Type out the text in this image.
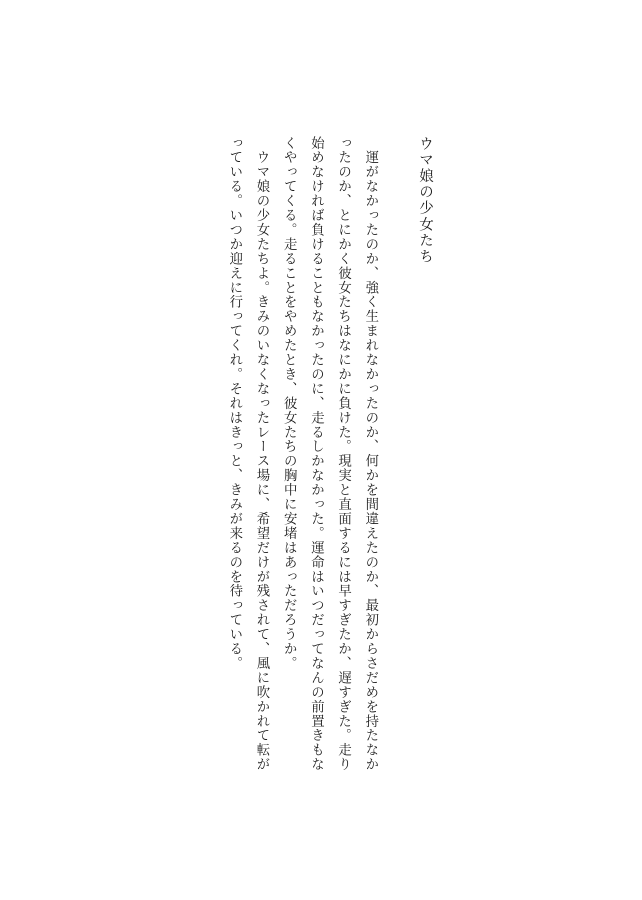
ウマ娘の少女たち

　運がなかったのか、強く生まれなかったのか、何かを間違えたのか、最初からさだめを持たなかったのか、とにかく彼女たちはなにかに負けた。現実と直面するには早すぎたか、遅すぎた。走り始めなければ負けることもなかったのに、走るしかなかった。運命はいつだってなんの前置きもなくやってくる。走ることをやめたとき、彼女たちの胸中に安堵はあっただろうか。

　ウマ娘の少女たちよ。きみのいなくなったレース場に、希望だけが残されて、風に吹かれて転がっている。いつか迎えに行ってくれ。それはきっと、きみが来るのを待っている。
